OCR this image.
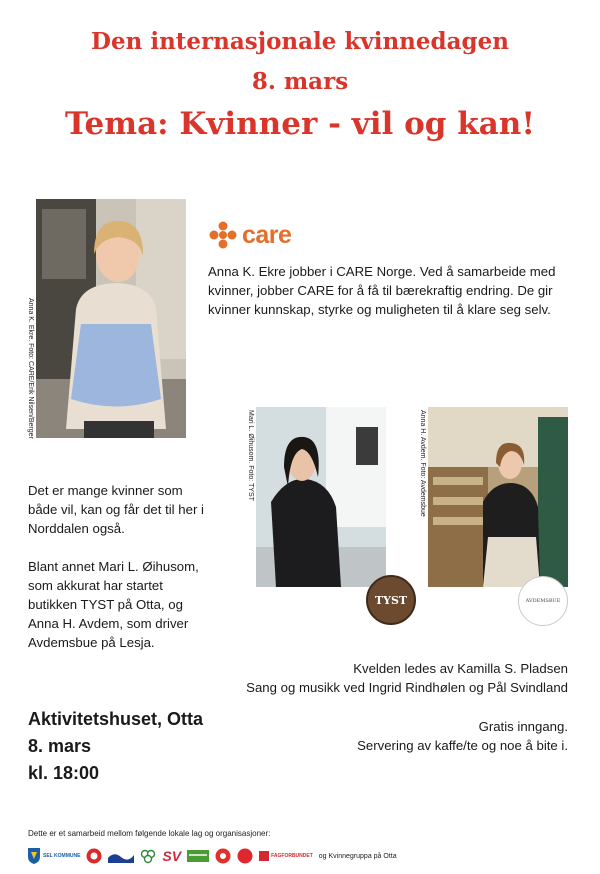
Den internasjonale kvinnedagen
8. mars
Tema: Kvinner - vil og kan!
Anna K. Ekre. Foto: CARE/Erik Nilsen/Berger
care
Anna K. Ekre jobber i CARE Norge. Ved å samarbeide med kvinner, jobber CARE for å få til bærekraftig endring. De gir kvinner kunnskap, styrke og muligheten til å klare seg selv.
Mari L. Øihusom. Foto: TYST
TYST
Anna H. Avdem. Foto: Avdemsbue
AVDEMSBUE
Det er mange kvinner som både vil, kan og får det til her i Norddalen også.
Blant annet Mari L. Øihusom, som akkurat har startet butikken TYST på Otta, og Anna H. Avdem, som driver Avdemsbue på Lesja.
Kvelden ledes av Kamilla S. Pladsen
Sang og musikk ved Ingrid Rindhølen og Pål Svindland
Aktivitetshuset, Otta
8. mars
kl. 18:00
Gratis inngang.
Servering av kaffe/te og noe å bite i.
Dette er et samarbeid mellom følgende lokale lag og organisasjoner:
SEL KOMMUNE	SV	FAGFORBUNDET og Kvinnegruppa på Otta
